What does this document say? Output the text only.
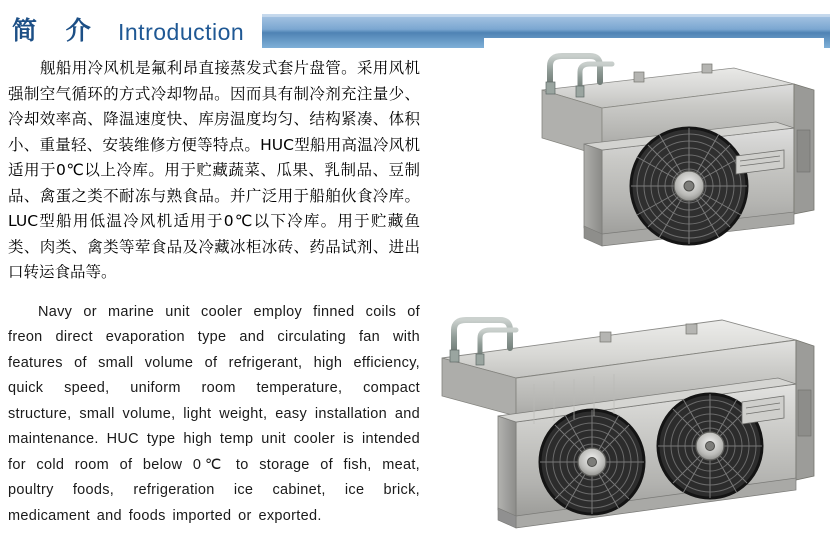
简 介 Introduction

舰船用冷风机是氟利昂直接蒸发式套片盘管。采用风机强制空气循环的方式冷却物品。因而具有制冷剂充注量少、冷却效率高、降温速度快、库房温度均匀、结构紧凑、体积小、重量轻、安装维修方便等特点。HUC型船用高温冷风机适用于0℃以上冷库。用于贮藏蔬菜、瓜果、乳制品、豆制品、禽蛋之类不耐冻与熟食品。并广泛用于船舶伙食冷库。LUC型船用低温冷风机适用于0℃以下冷库。用于贮藏鱼类、肉类、禽类等荤食品及冷藏冰柜冰砖、药品试剂、进出口转运食品等。

Navy or marine unit cooler employ finned coils of freon direct evaporation type and circulating fan with features of small volume of refrigerant, high efficiency, quick speed, uniform room temperature, compact structure, small volume, light weight, easy installation and maintenance. HUC type high temp unit cooler is intended for cold room of below 0℃ to storage of fish, meat, poultry foods, refrigeration ice cabinet, ice brick, medicament and foods imported or exported.
